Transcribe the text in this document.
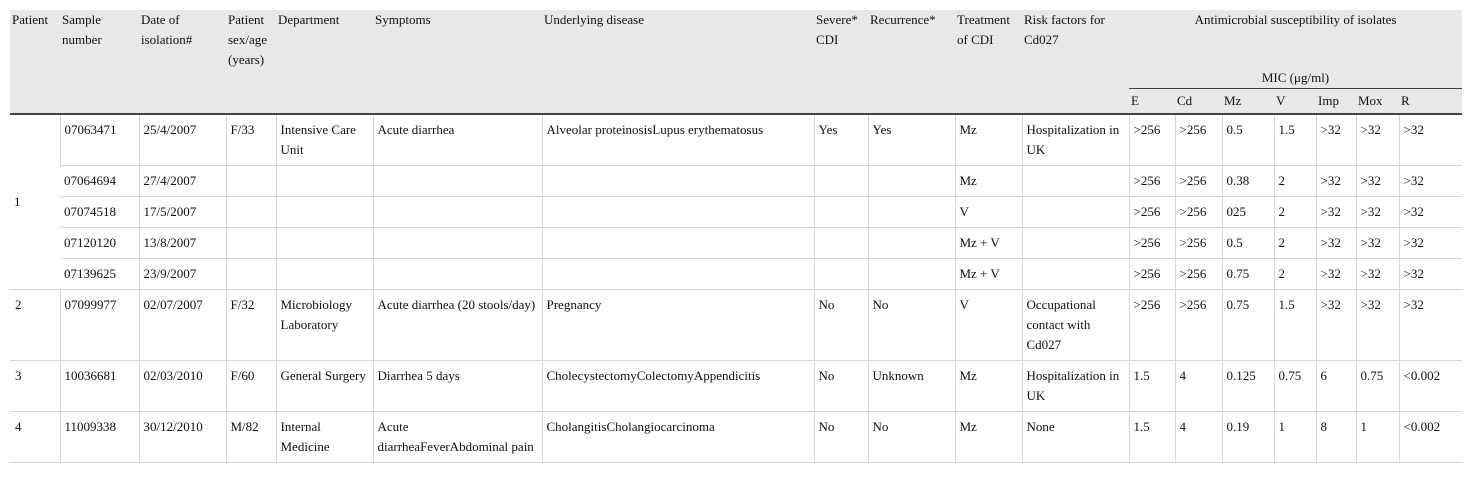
Patient	Sample number	Date of isolation#	Patient sex/age (years)	Department	Symptoms	Underlying disease	Severe* CDI	Recurrence*	Treatment of CDI	Risk factors for Cd027	Antimicrobial susceptibility of isolates						
											MIC (μg/ml)						
											E	Cd	Mz	V	Imp	Mox	R
1	07063471	25/4/2007	F/33	Intensive Care Unit	Acute diarrhea	Alveolar proteinosisLupus erythematosus	Yes	Yes	Mz	Hospitalization in UK	>256	>256	0.5	1.5	>32	>32	>32
	07064694	27/4/2007							Mz		>256	>256	0.38	2	>32	>32	>32
	07074518	17/5/2007							V		>256	>256	025	2	>32	>32	>32
	07120120	13/8/2007							Mz + V		>256	>256	0.5	2	>32	>32	>32
	07139625	23/9/2007							Mz + V		>256	>256	0.75	2	>32	>32	>32
2	07099977	02/07/2007	F/32	Microbiology Laboratory	Acute diarrhea (20 stools/day)	Pregnancy	No	No	V	Occupational contact with Cd027	>256	>256	0.75	1.5	>32	>32	>32
3	10036681	02/03/2010	F/60	General Surgery	Diarrhea 5 days	CholecystectomyColectomyAppendicitis	No	Unknown	Mz	Hospitalization in UK	1.5	4	0.125	0.75	6	0.75	<0.002
4	11009338	30/12/2010	M/82	Internal Medicine	Acute diarrheaFeverAbdominal pain	CholangitisCholangiocarcinoma	No	No	Mz	None	1.5	4	0.19	1	8	1	<0.002
